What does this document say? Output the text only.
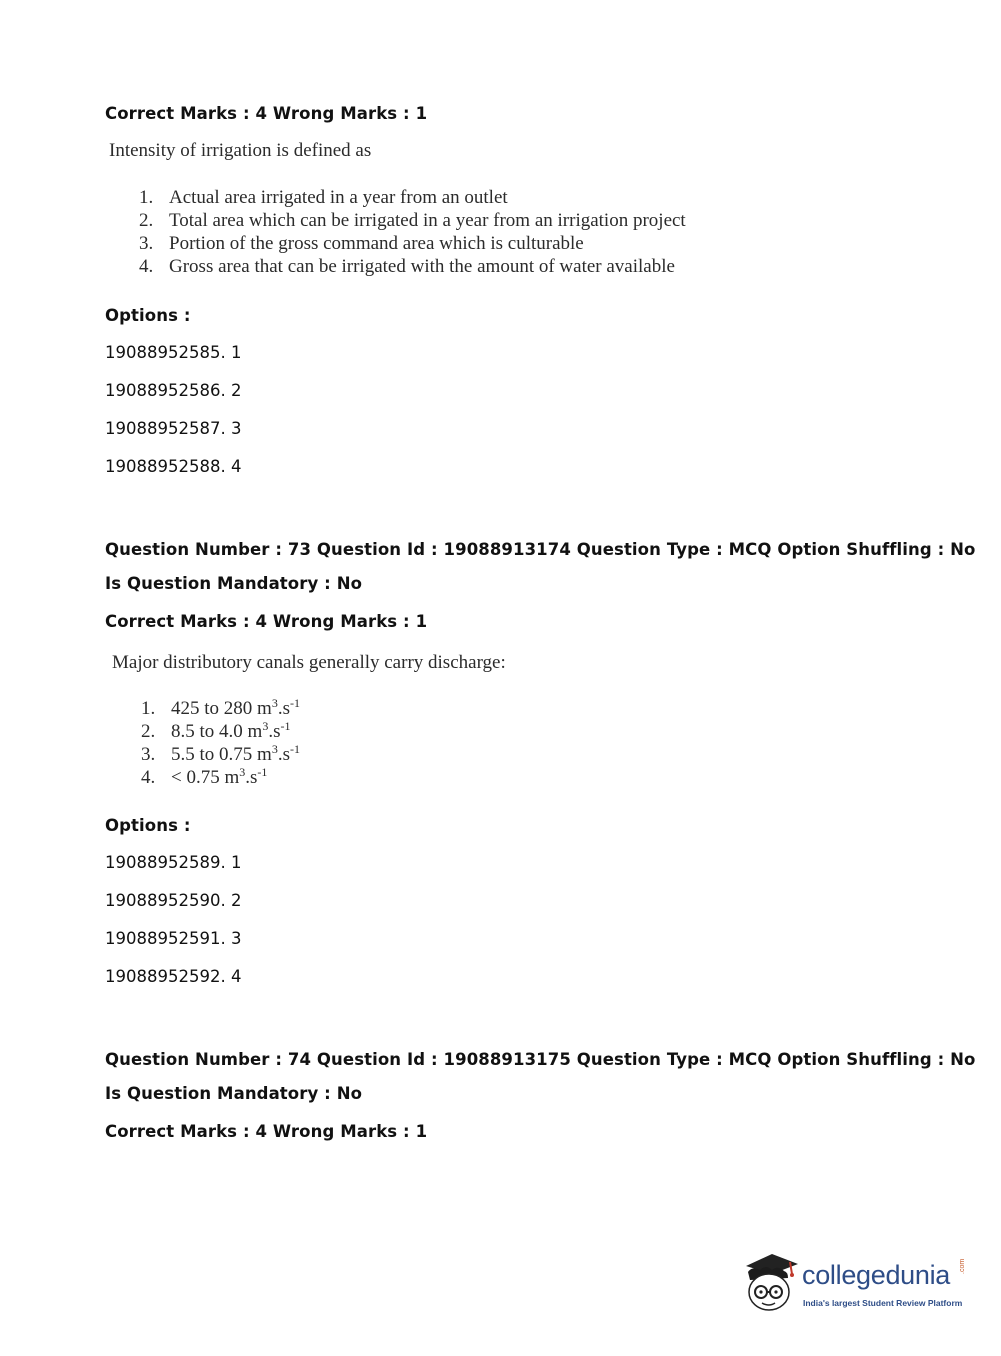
Correct Marks : 4 Wrong Marks : 1
Intensity of irrigation is defined as
1. Actual area irrigated in a year from an outlet
2. Total area which can be irrigated in a year from an irrigation project
3. Portion of the gross command area which is culturable
4. Gross area that can be irrigated with the amount of water available
Options :
19088952585. 1
19088952586. 2
19088952587. 3
19088952588. 4
Question Number : 73 Question Id : 19088913174 Question Type : MCQ Option Shuffling : No
Is Question Mandatory : No
Correct Marks : 4 Wrong Marks : 1
Major distributory canals generally carry discharge:
1. 425 to 280 $m^3.s^{-1}$
2. 8.5 to 4.0 $m^3.s^{-1}$
3. 5.5 to 0.75 $m^3.s^{-1}$
4. < 0.75 $m^3.s^{-1}$
Options :
19088952589. 1
19088952590. 2
19088952591. 3
19088952592. 4
Question Number : 74 Question Id : 19088913175 Question Type : MCQ Option Shuffling : No
Is Question Mandatory : No
Correct Marks : 4 Wrong Marks : 1
collegedunia .com
India's largest Student Review Platform
